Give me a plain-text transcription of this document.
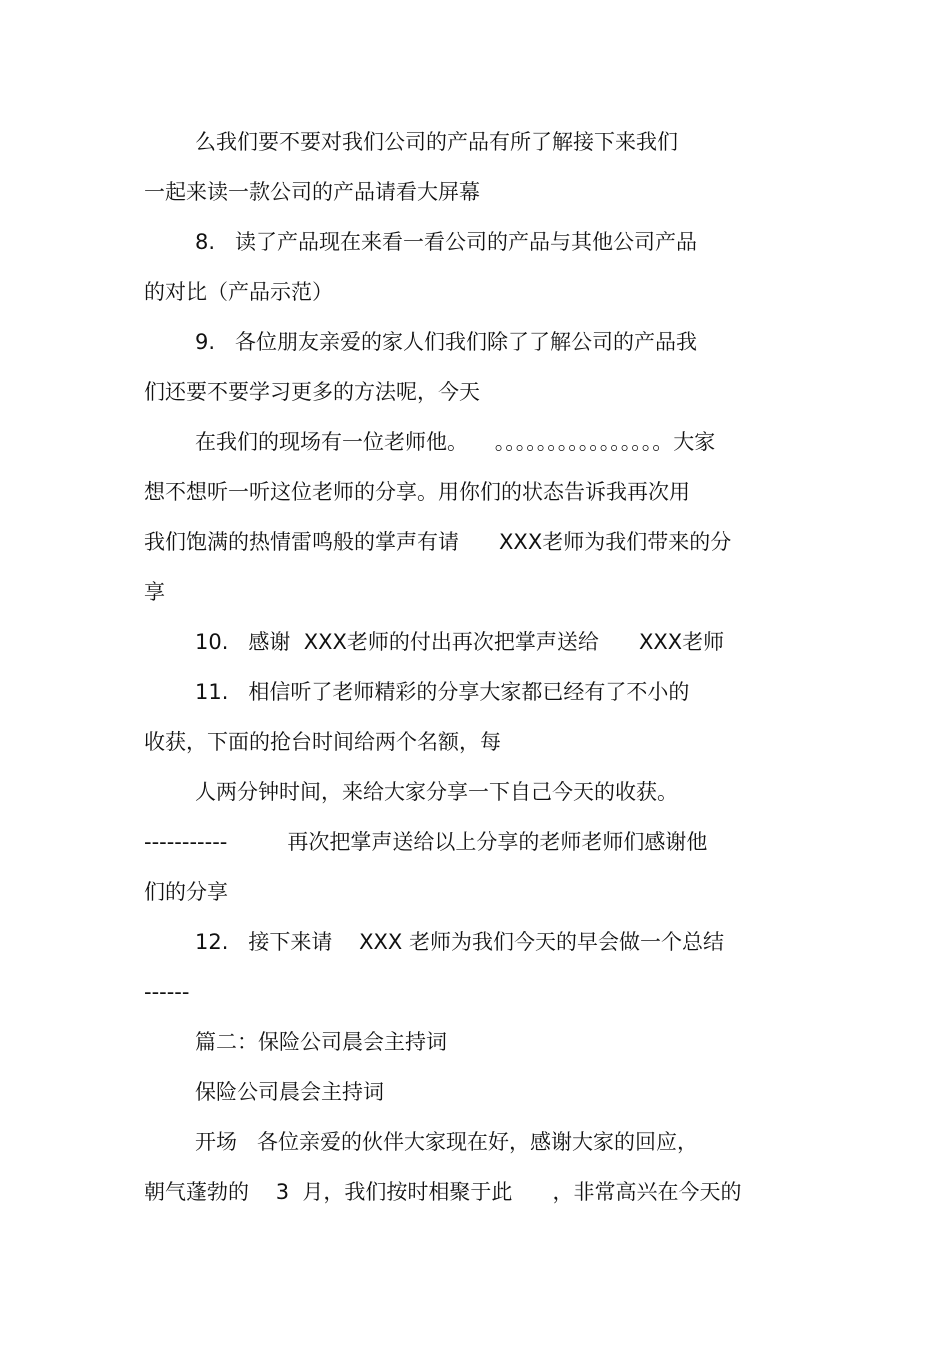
么我们要不要对我们公司的产品有所了解接下来我们

一起来读一款公司的产品请看大屏幕

8.   读了产品现在来看一看公司的产品与其他公司产品

的对比（产品示范）

9.   各位朋友亲爱的家人们我们除了了解公司的产品我

们还要不要学习更多的方法呢，今天

在我们的现场有一位老师他。    。。。。。。。。。。。。。。。。大家

想不想听一听这位老师的分享。用你们的状态告诉我再次用

我们饱满的热情雷鸣般的掌声有请      XXX老师为我们带来的分

享

10.   感谢  XXX老师的付出再次把掌声送给      XXX老师

11.   相信听了老师精彩的分享大家都已经有了不小的

收获，下面的抢台时间给两个名额，每

人两分钟时间，来给大家分享一下自己今天的收获。

-----------         再次把掌声送给以上分享的老师老师们感谢他

们的分享

12.   接下来请    XXX 老师为我们今天的早会做一个总结

------

篇二：保险公司晨会主持词

保险公司晨会主持词

开场   各位亲爱的伙伴大家现在好，感谢大家的回应，

朝气蓬勃的    3  月，我们按时相聚于此      ，非常高兴在今天的
